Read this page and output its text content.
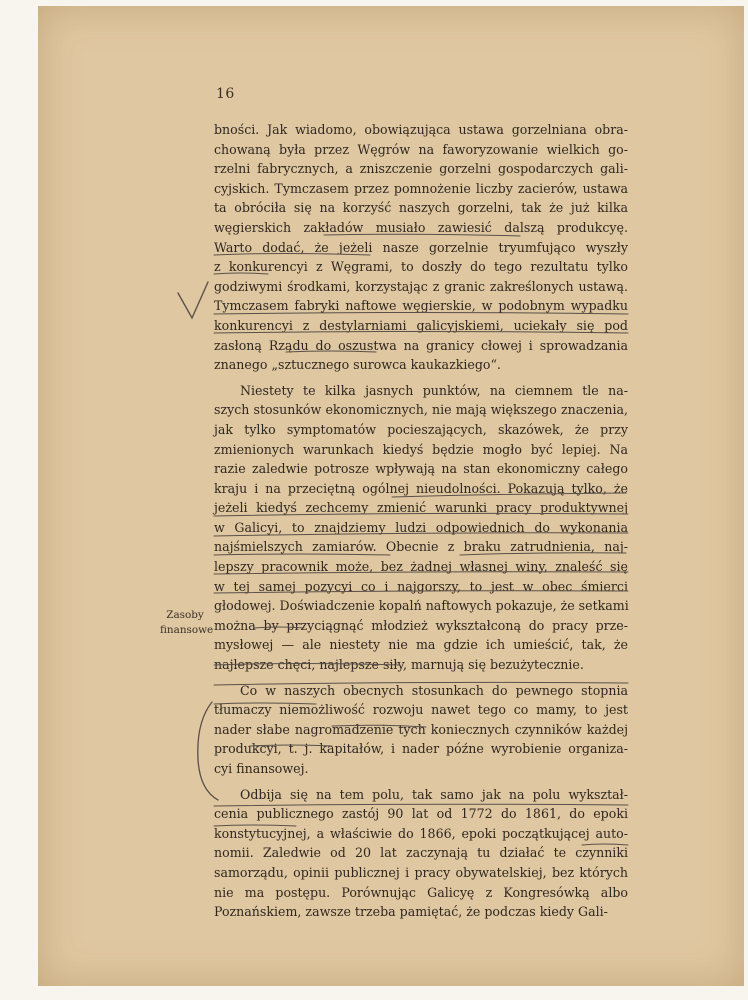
16
Zasoby
finansowe
bności. Jak wiadomo, obowiązująca ustawa gorzelniana obra-
chowaną była przez Węgrów na faworyzowanie wielkich go-
rzelni fabrycznych, a zniszczenie gorzelni gospodarczych gali-
cyjskich. Tymczasem przez pomnożenie liczby zacierów, ustawa
ta obróciła się na korzyść naszych gorzelni, tak że już kilka
węgierskich zakładów musiało zawiesić dalszą produkcyę.
Warto dodać, że jeżeli nasze gorzelnie tryumfująco wyszły
z konkurencyi z Węgrami, to doszły do tego rezultatu tylko
godziwymi środkami, korzystając z granic zakreślonych ustawą.
Tymczasem fabryki naftowe węgierskie, w podobnym wypadku
konkurencyi z destylarniami galicyjskiemi, uciekały się pod
zasłoną Rządu do oszustwa na granicy cłowej i sprowadzania
znanego „sztucznego surowca kaukazkiego“.
Niestety te kilka jasnych punktów, na ciemnem tle na-
szych stosunków ekonomicznych, nie mają większego znaczenia,
jak tylko symptomatów pocieszających, skazówek, że przy
zmienionych warunkach kiedyś będzie mogło być lepiej. Na
razie zaledwie potrosze wpływają na stan ekonomiczny całego
kraju i na przeciętną ogólnej nieudolności. Pokazują tylko, że
jeżeli kiedyś zechcemy zmienić warunki pracy produktywnej
w Galicyi, to znajdziemy ludzi odpowiednich do wykonania
najśmielszych zamiarów. Obecnie z braku zatrudnienia, naj-
lepszy pracownik może, bez żadnej własnej winy, znaleść się
w tej samej pozycyi co i najgorszy, to jest w obec śmierci
głodowej. Doświadczenie kopalń naftowych pokazuje, że setkami
można by przyciągnąć młodzież wykształconą do pracy prze-
mysłowej — ale niestety nie ma gdzie ich umieścić, tak, że
najlepsze chęci, najlepsze siły, marnują się bezużytecznie.
Co w naszych obecnych stosunkach do pewnego stopnia
tłumaczy niemożliwość rozwoju nawet tego co mamy, to jest
nader słabe nagromadzenie tych koniecznych czynników każdej
produkcyi, t. j. kapitałów, i nader późne wyrobienie organiza-
cyi finansowej.
Odbija się na tem polu, tak samo jak na polu wykształ-
cenia publicznego zastój 90 lat od 1772 do 1861, do epoki
konstytucyjnej, a właściwie do 1866, epoki początkującej auto-
nomii. Zaledwie od 20 lat zaczynają tu działać te czynniki
samorządu, opinii publicznej i pracy obywatelskiej, bez których
nie ma postępu. Porównując Galicyę z Kongresówką albo
Poznańskiem, zawsze trzeba pamiętać, że podczas kiedy Gali-
